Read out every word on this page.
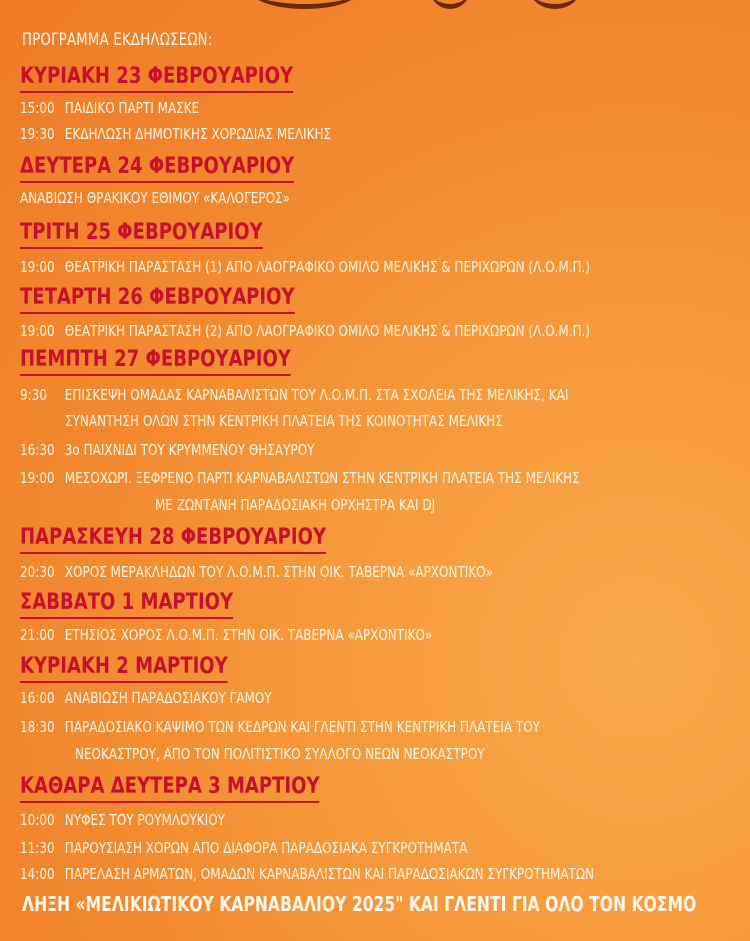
ΠΡΟΓΡΑΜΜΑ ΕΚΔΗΛΩΣΕΩΝ:
ΚΥΡΙΑΚΗ 23 ΦΕΒΡΟΥΑΡΙΟΥ
15:00 ΠΑΙΔΙΚΟ ΠΑΡΤΙ ΜΑΣΚΕ
19:30 ΕΚΔΗΛΩΣΗ ΔΗΜΟΤΙΚΗΣ ΧΟΡΩΔΙΑΣ ΜΕΛΙΚΗΣ
ΔΕΥΤΕΡΑ 24 ΦΕΒΡΟΥΑΡΙΟΥ
ΑΝΑΒΙΩΣΗ ΘΡΑΚΙΚΟΥ ΕΘΙΜΟΥ «ΚΑΛΟΓΕΡΟΣ»
ΤΡΙΤΗ 25 ΦΕΒΡΟΥΑΡΙΟΥ
19:00 ΘΕΑΤΡΙΚΗ ΠΑΡΑΣΤΑΣΗ (1) ΑΠΟ ΛΑΟΓΡΑΦΙΚΟ ΟΜΙΛΟ ΜΕΛΙΚΗΣ & ΠΕΡΙΧΩΡΩΝ (Λ.Ο.Μ.Π.)
ΤΕΤΑΡΤΗ 26 ΦΕΒΡΟΥΑΡΙΟΥ
19:00 ΘΕΑΤΡΙΚΗ ΠΑΡΑΣΤΑΣΗ (2) ΑΠΟ ΛΑΟΓΡΑΦΙΚΟ ΟΜΙΛΟ ΜΕΛΙΚΗΣ & ΠΕΡΙΧΩΡΩΝ (Λ.Ο.Μ.Π.)
ΠΕΜΠΤΗ 27 ΦΕΒΡΟΥΑΡΙΟΥ
9:30 ΕΠΙΣΚΕΨΗ ΟΜΑΔΑΣ ΚΑΡΝΑΒΑΛΙΣΤΩΝ ΤΟΥ Λ.Ο.Μ.Π. ΣΤΑ ΣΧΟΛΕΙΑ ΤΗΣ ΜΕΛΙΚΗΣ, ΚΑΙ
ΣΥΝΑΝΤΗΣΗ ΟΛΩΝ ΣΤΗΝ ΚΕΝΤΡΙΚΗ ΠΛΑΤΕΙΑ ΤΗΣ ΚΟΙΝΟΤΗΤΑΣ ΜΕΛΙΚΗΣ
16:30 3ο ΠΑΙΧΝΙΔΙ ΤΟΥ ΚΡΥΜΜΕΝΟΥ ΘΗΣΑΥΡΟΥ
19:00 ΜΕΣΟΧΩΡΙ. ΞΕΦΡΕΝΟ ΠΑΡΤΙ ΚΑΡΝΑΒΑΛΙΣΤΩΝ ΣΤΗΝ ΚΕΝΤΡΙΚΗ ΠΛΑΤΕΙΑ ΤΗΣ ΜΕΛΙΚΗΣ
ΜΕ ΖΩΝΤΑΝΗ ΠΑΡΑΔΟΣΙΑΚΗ ΟΡΧΗΣΤΡΑ ΚΑΙ DJ
ΠΑΡΑΣΚΕΥΗ 28 ΦΕΒΡΟΥΑΡΙΟΥ
20:30 ΧΟΡΟΣ ΜΕΡΑΚΛΗΔΩΝ ΤΟΥ Λ.Ο.Μ.Π. ΣΤΗΝ ΟΙΚ. ΤΑΒΕΡΝΑ «ΑΡΧΟΝΤΙΚΟ»
ΣΑΒΒΑΤΟ 1 ΜΑΡΤΙΟΥ
21:00 ΕΤΗΣΙΟΣ ΧΟΡΟΣ Λ.Ο.Μ.Π. ΣΤΗΝ ΟΙΚ. ΤΑΒΕΡΝΑ «ΑΡΧΟΝΤΙΚΟ»
ΚΥΡΙΑΚΗ 2 ΜΑΡΤΙΟΥ
16:00 ΑΝΑΒΙΩΣΗ ΠΑΡΑΔΟΣΙΑΚΟΥ ΓΑΜΟΥ
18:30 ΠΑΡΑΔΟΣΙΑΚΟ ΚΑΨΙΜΟ ΤΩΝ ΚΕΔΡΩΝ ΚΑΙ ΓΛΕΝΤΙ ΣΤΗΝ ΚΕΝΤΡΙΚΗ ΠΛΑΤΕΙΑ ΤΟΥ
ΝΕΟΚΑΣΤΡΟΥ, ΑΠΟ ΤΟΝ ΠΟΛΙΤΙΣΤΙΚΟ ΣΥΛΛΟΓΟ ΝΕΩΝ ΝΕΟΚΑΣΤΡΟΥ
ΚΑΘΑΡΑ ΔΕΥΤΕΡΑ 3 ΜΑΡΤΙΟΥ
10:00 ΝΥΦΕΣ ΤΟΥ ΡΟΥΜΛΟΥΚΙΟΥ
11:30 ΠΑΡΟΥΣΙΑΣΗ ΧΟΡΩΝ ΑΠΟ ΔΙΑΦΟΡΑ ΠΑΡΑΔΟΣΙΑΚΑ ΣΥΓΚΡΟΤΗΜΑΤΑ
14:00 ΠΑΡΕΛΑΣΗ ΑΡΜΑΤΩΝ, ΟΜΑΔΩΝ ΚΑΡΝΑΒΑΛΙΣΤΩΝ ΚΑΙ ΠΑΡΑΔΟΣΙΑΚΩΝ ΣΥΓΚΡΟΤΗΜΑΤΩΝ
ΛΗΞΗ «ΜΕΛΙΚΙΩΤΙΚΟΥ ΚΑΡΝΑΒΑΛΙΟΥ 2025" ΚΑΙ ΓΛΕΝΤΙ ΓΙΑ ΟΛΟ ΤΟΝ ΚΟΣΜΟ
